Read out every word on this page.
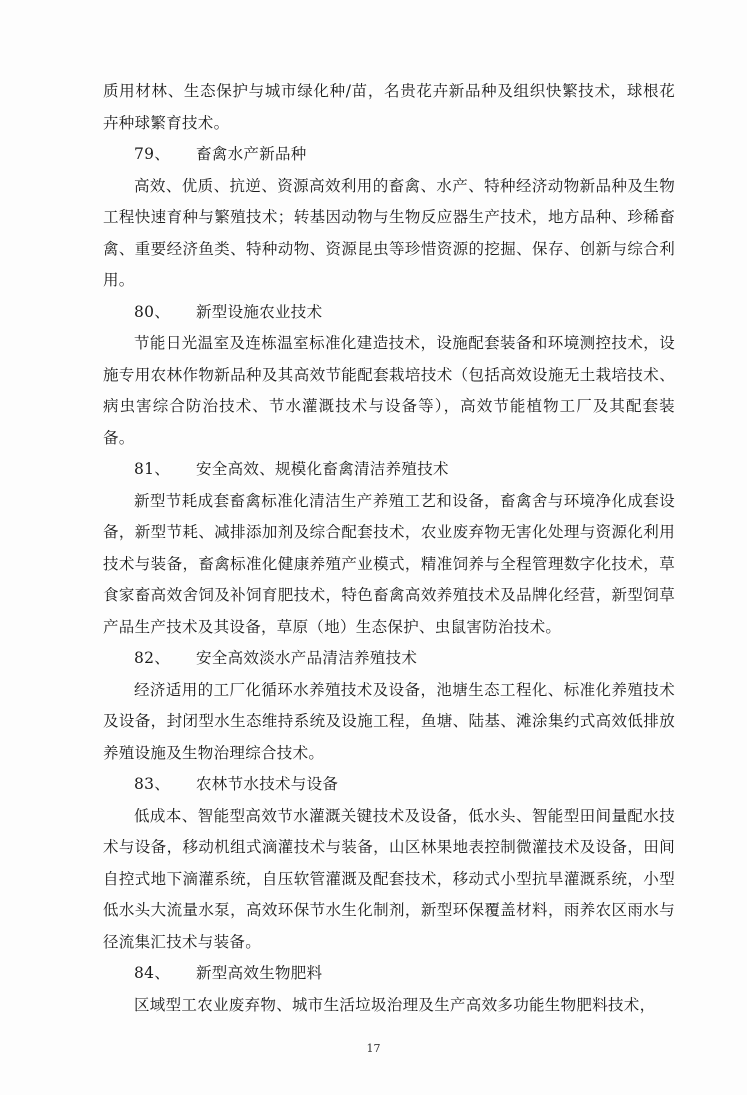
质用材林、生态保护与城市绿化种/苗，名贵花卉新品种及组织快繁技术，球根花卉种球繁育技术。

79、 畜禽水产新品种

高效、优质、抗逆、资源高效利用的畜禽、水产、特种经济动物新品种及生物工程快速育种与繁殖技术；转基因动物与生物反应器生产技术，地方品种、珍稀畜禽、重要经济鱼类、特种动物、资源昆虫等珍惜资源的挖掘、保存、创新与综合利用。

80、 新型设施农业技术

节能日光温室及连栋温室标准化建造技术，设施配套装备和环境测控技术，设施专用农林作物新品种及其高效节能配套栽培技术（包括高效设施无土栽培技术、病虫害综合防治技术、节水灌溉技术与设备等），高效节能植物工厂及其配套装备。

81、 安全高效、规模化畜禽清洁养殖技术

新型节耗成套畜禽标准化清洁生产养殖工艺和设备，畜禽舍与环境净化成套设备，新型节耗、减排添加剂及综合配套技术，农业废弃物无害化处理与资源化利用技术与装备，畜禽标准化健康养殖产业模式，精准饲养与全程管理数字化技术，草食家畜高效舍饲及补饲育肥技术，特色畜禽高效养殖技术及品牌化经营，新型饲草产品生产技术及其设备，草原（地）生态保护、虫鼠害防治技术。

82、 安全高效淡水产品清洁养殖技术

经济适用的工厂化循环水养殖技术及设备，池塘生态工程化、标准化养殖技术及设备，封闭型水生态维持系统及设施工程，鱼塘、陆基、滩涂集约式高效低排放养殖设施及生物治理综合技术。

83、 农林节水技术与设备

低成本、智能型高效节水灌溉关键技术及设备，低水头、智能型田间量配水技术与设备，移动机组式滴灌技术与装备，山区林果地表控制微灌技术及设备，田间自控式地下滴灌系统，自压软管灌溉及配套技术，移动式小型抗旱灌溉系统，小型低水头大流量水泵，高效环保节水生化制剂，新型环保覆盖材料，雨养农区雨水与径流集汇技术与装备。

84、 新型高效生物肥料

区域型工农业废弃物、城市生活垃圾治理及生产高效多功能生物肥料技术，

17
